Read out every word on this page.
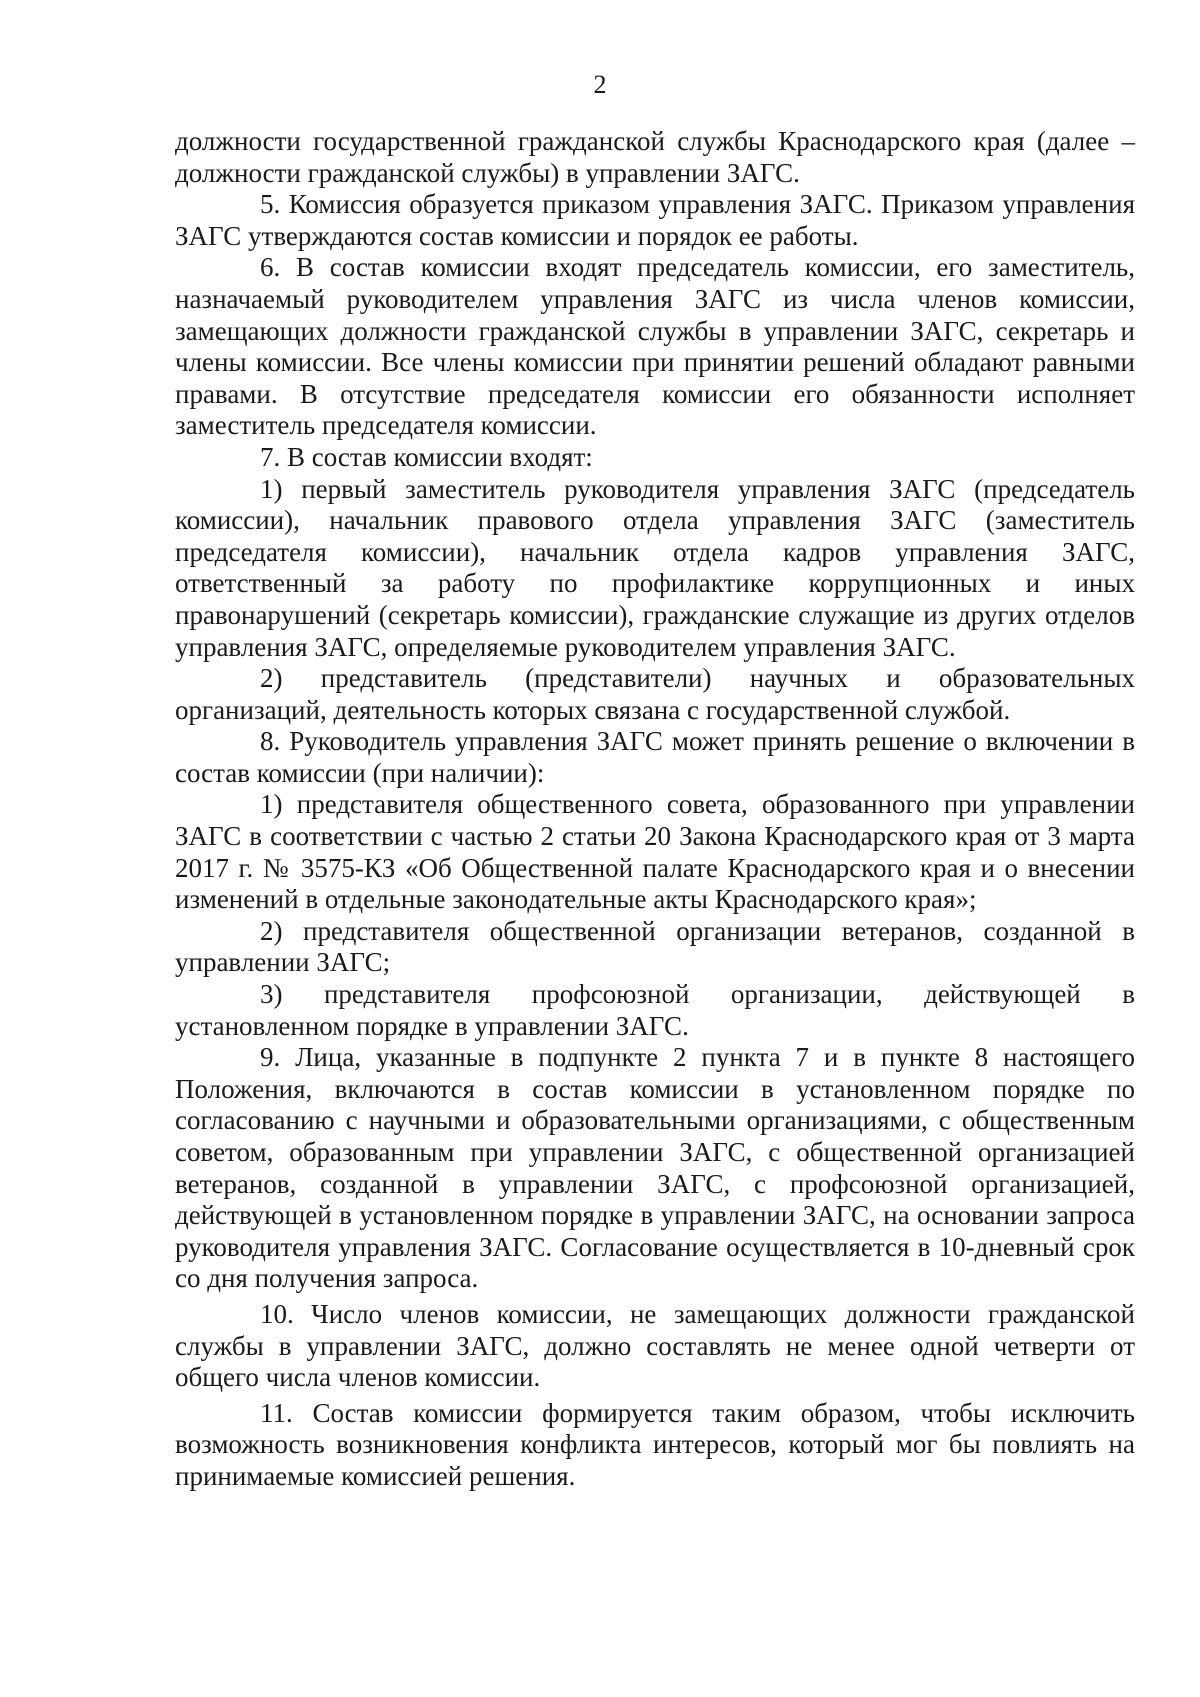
2

должности государственной гражданской службы Краснодарского края (далее – должности гражданской службы) в управлении ЗАГС.

5. Комиссия образуется приказом управления ЗАГС. Приказом управления ЗАГС утверждаются состав комиссии и порядок ее работы.

6. В состав комиссии входят председатель комиссии, его заместитель, назначаемый руководителем управления ЗАГС из числа членов комиссии, замещающих должности гражданской службы в управлении ЗАГС, секретарь и члены комиссии. Все члены комиссии при принятии решений обладают равными правами. В отсутствие председателя комиссии его обязанности исполняет заместитель председателя комиссии.

7. В состав комиссии входят:

1) первый заместитель руководителя управления ЗАГС (председатель комиссии), начальник правового отдела управления ЗАГС (заместитель председателя комиссии), начальник отдела кадров управления ЗАГС, ответственный за работу по профилактике коррупционных и иных правонарушений (секретарь комиссии), гражданские служащие из других отделов управления ЗАГС, определяемые руководителем управления ЗАГС.

2) представитель (представители) научных и образовательных организаций, деятельность которых связана с государственной службой.

8. Руководитель управления ЗАГС может принять решение о включении в состав комиссии (при наличии):

1) представителя общественного совета, образованного при управлении ЗАГС в соответствии с частью 2 статьи 20 Закона Краснодарского края от 3 марта 2017 г. № 3575-КЗ «Об Общественной палате Краснодарского края и о внесении изменений в отдельные законодательные акты Краснодарского края»;

2) представителя общественной организации ветеранов, созданной в управлении ЗАГС;

3) представителя профсоюзной организации, действующей в установленном порядке в управлении ЗАГС.

9. Лица, указанные в подпункте 2 пункта 7 и в пункте 8 настоящего Положения, включаются в состав комиссии в установленном порядке по согласованию с научными и образовательными организациями, с общественным советом, образованным при управлении ЗАГС, с общественной организацией ветеранов, созданной в управлении ЗАГС, с профсоюзной организацией, действующей в установленном порядке в управлении ЗАГС, на основании запроса руководителя управления ЗАГС. Согласование осуществляется в 10-дневный срок со дня получения запроса.

10. Число членов комиссии, не замещающих должности гражданской службы в управлении ЗАГС, должно составлять не менее одной четверти от общего числа членов комиссии.

11. Состав комиссии формируется таким образом, чтобы исключить возможность возникновения конфликта интересов, который мог бы повлиять на принимаемые комиссией решения.
